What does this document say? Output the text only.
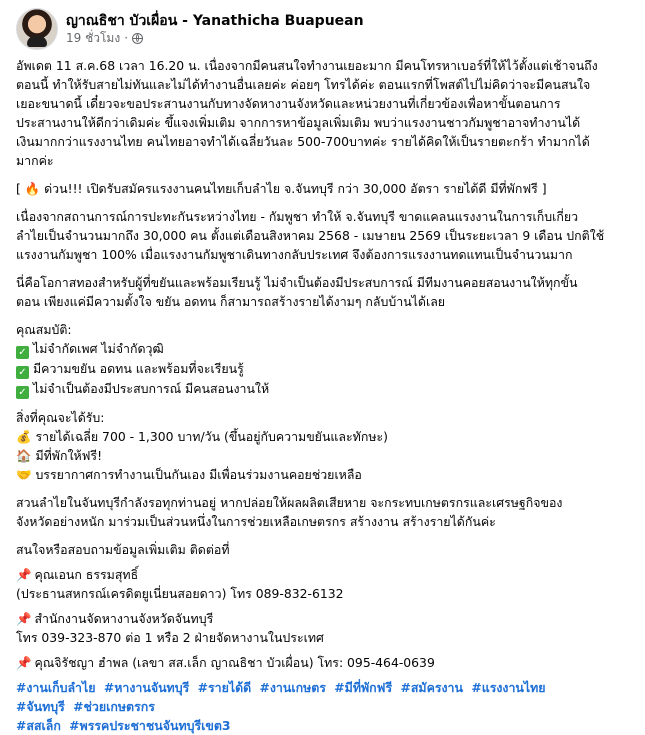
ญาณธิชา บัวเผื่อน - Yanathicha Buapuean
19 ชั่วโมง ·

อัพเดต 11 ส.ค.68 เวลา 16.20 น. เนื่องจากมีคนสนใจทำงานเยอะมาก มีคนโทรหาเบอร์ที่ให้ไว้ตั้งแต่เช้าจนถึง
ตอนนี้ ทำให้รับสายไม่ทันและไม่ได้ทำงานอื่นเลยค่ะ ค่อยๆ โทรได้ค่ะ ตอนแรกที่โพสต์ไปไม่คิดว่าจะมีคนสนใจ
เยอะขนาดนี้ เดี๋ยวจะขอประสานงานกับทางจัดหางานจังหวัดและหน่วยงานที่เกี่ยวข้องเพื่อหาขั้นตอนการ
ประสานงานให้ดีกว่าเดิมค่ะ ขึ้แจงเพิ่มเติม จากการหาข้อมูลเพิ่มเติม พบว่าแรงงานชาวกัมพูชาอาจทำงานได้
เงินมากกว่าแรงงานไทย คนไทยอาจทำได้เฉลี่ยวันละ 500-700บาทค่ะ รายได้คิดให้เป็นรายตะกร้า ทำมากได้
มากค่ะ

[ 🔥 ด่วน!!! เปิดรับสมัครแรงงานคนไทยเก็บลำไย จ.จันทบุรี กว่า 30,000 อัตรา รายได้ดี มีที่พักฟรี ]

เนื่องจากสถานการณ์การปะทะกันระหว่างไทย - กัมพูชา ทำให้ จ.จันทบุรี ขาดแคลนแรงงานในการเก็บเกี่ยว
ลำไยเป็นจำนวนมากถึง 30,000 คน ตั้งแต่เดือนสิงหาคม 2568 - เมษายน 2569 เป็นระยะเวลา 9 เดือน ปกติใช้
แรงงานกัมพูชา 100% เมื่อแรงงานกัมพูชาเดินทางกลับประเทศ จึงต้องการแรงงานทดแทนเป็นจำนวนมาก

นี่คือโอกาสทองสำหรับผู้ที่ขยันและพร้อมเรียนรู้ ไม่จำเป็นต้องมีประสบการณ์ มีทีมงานคอยสอนงานให้ทุกขั้น
ตอน เพียงแค่มีความตั้งใจ ขยัน อดทน ก็สามารถสร้างรายได้งามๆ กลับบ้านได้เลย

คุณสมบัติ:
✓ ไม่จำกัดเพศ ไม่จำกัดวุฒิ
✓ มีความขยัน อดทน และพร้อมที่จะเรียนรู้
✓ ไม่จำเป็นต้องมีประสบการณ์ มีคนสอนงานให้

สิ่งที่คุณจะได้รับ:
💰 รายได้เฉลี่ย 700 - 1,300 บาท/วัน (ขึ้นอยู่กับความขยันและทักษะ)
🏠 มีที่พักให้ฟรี!
🤝 บรรยากาศการทำงานเป็นกันเอง มีเพื่อนร่วมงานคอยช่วยเหลือ

สวนลำไยในจันทบุรีกำลังรอทุกท่านอยู่ หากปล่อยให้ผลผลิตเสียหาย จะกระทบเกษตรกรและเศรษฐกิจของ
จังหวัดอย่างหนัก มาร่วมเป็นส่วนหนึ่งในการช่วยเหลือเกษตรกร สร้างงาน สร้างรายได้กันค่ะ

สนใจหรือสอบถามข้อมูลเพิ่มเติม ติดต่อที่

📌 คุณเอนก ธรรมสุทธิ์
(ประธานสหกรณ์เครดิตยูเนี่ยนสอยดาว) โทร 089-832-6132

📌 สำนักงานจัดหางานจังหวัดจันทบุรี
โทร 039-323-870 ต่อ 1 หรือ 2 ฝ่ายจัดหางานในประเทศ

📌 คุณจิรัชญา ฮำพล (เลขา สส.เล็ก ญาณธิชา บัวเผื่อน) โทร: 095-464-0639

#งานเก็บลำไย #หางานจันทบุรี #รายได้ดี #งานเกษตร #มีที่พักฟรี #สมัครงาน #แรงงานไทย
#จันทบุรี #ช่วยเกษตรกร
#สสเล็ก #พรรคประชาชนจันทบุรีเขต3
